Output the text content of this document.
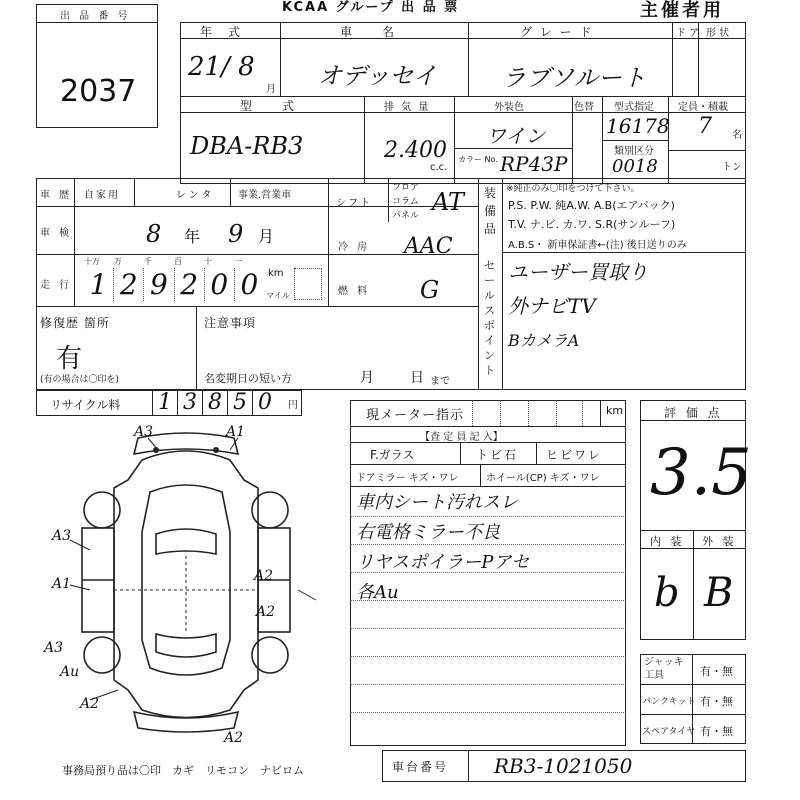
KCAA グループ 出 品 票	主催者用
出 品 番 号
2037
年　式
21/ 8
月
車　　名
オデッセイ
グ レ ー ド
ラブソルート
ド ア 形 状
型　　式
DBA-RB3
排 気 量
2.400
c.c.
外装色	色替
ワイン
カラー No. RP43P
型式指定
16178
類別区分
0018
定員・積載
7 名
トン
車 歴 自家用	レンタ 事業.営業車
車 検	8 年 9 月
走 行
十万	万	千	百	十	一
1 2 9 2 0 0 km
マイル
シフト
フロア
コラム
パネル AT
冷 房 AAC
燃 料 G
装備品
※純正のみ〇印をつけて下さい。
P.S. P.W. 純A.W. A.B(エアバック)
T.V. ナ.ビ. カ.ワ. S.R(サンルーフ)
A.B.S・ 新車保証書←(注) 後日送りのみ
セールスポイント
ユーザー買取り
外ナビTV
BカメラA
修復歴 箇所
有
(有の場合は〇印を)
注意事項
名変期日の短い方	月 日 まで
リサイクル料 1 3 8 5 0	円
現メーター指示	km
【査 定 員 記 入】
F.ガラス	トビ石 ヒビワレ
ドアミラー キズ・ワレ	ホイール(CP) キズ・ワレ
車内シート汚れスレ
右電格ミラー不良
リヤスポイラーPアセ
各Au
評 価 点
3.5
内 装 外 装
b B
ジャッキ工具	有・無
パンクキット 有・無
スペアタイヤ 有・無
A3	A1
A3
A1	A2
A2
A3
Au
A2
A2
事務局預り品は〇印　カギ　リモコン　ナビロム	車台番号 RB3-1021050
